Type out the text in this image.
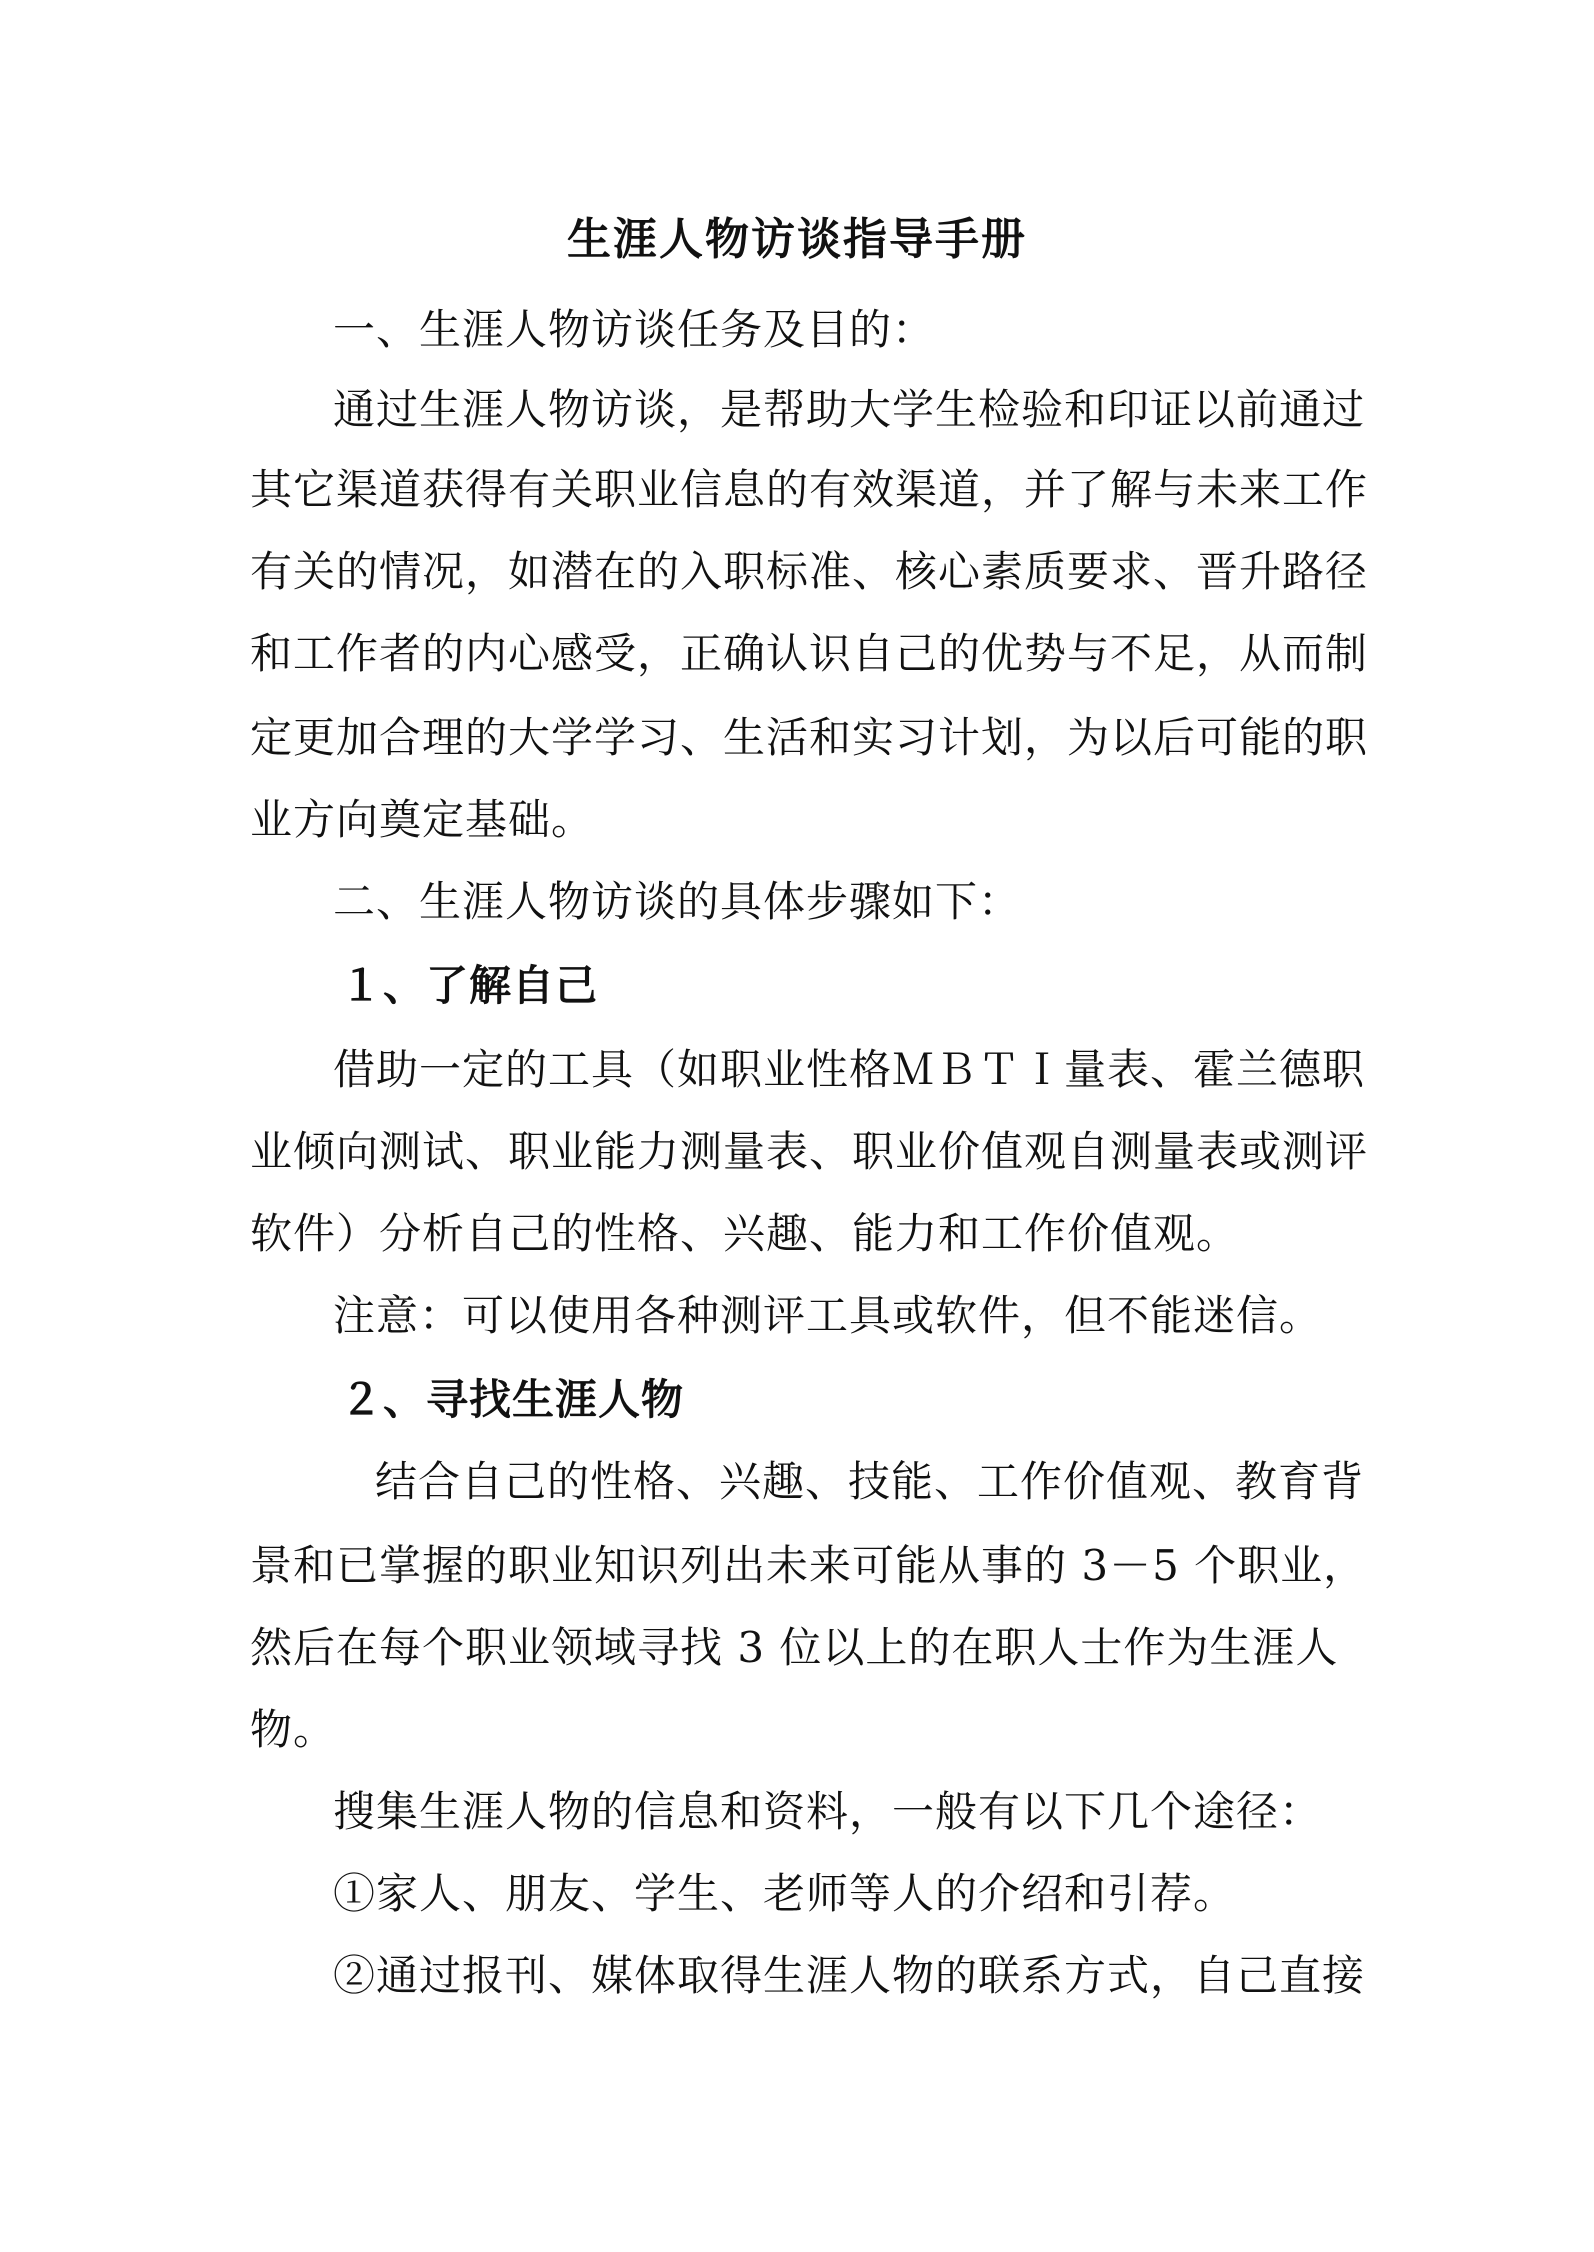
生涯人物访谈指导手册
一、生涯人物访谈任务及目的：
通过生涯人物访谈，是帮助大学生检验和印证以前通过
其它渠道获得有关职业信息的有效渠道，并了解与未来工作
有关的情况，如潜在的入职标准、核心素质要求、晋升路径
和工作者的内心感受，正确认识自己的优势与不足，从而制
定更加合理的大学学习、生活和实习计划，为以后可能的职
业方向奠定基础。
二、生涯人物访谈的具体步骤如下：
１、了解自己
借助一定的工具（如职业性格ＭＢＴＩ量表、霍兰德职
业倾向测试、职业能力测量表、职业价值观自测量表或测评
软件）分析自己的性格、兴趣、能力和工作价值观。
注意：可以使用各种测评工具或软件，但不能迷信。
２、寻找生涯人物
结合自己的性格、兴趣、技能、工作价值观、教育背
景和已掌握的职业知识列出未来可能从事的 3－5 个职业，
然后在每个职业领域寻找 3 位以上的在职人士作为生涯人
物。
搜集生涯人物的信息和资料，一般有以下几个途径：
①家人、朋友、学生、老师等人的介绍和引荐。
②通过报刊、媒体取得生涯人物的联系方式，自己直接
